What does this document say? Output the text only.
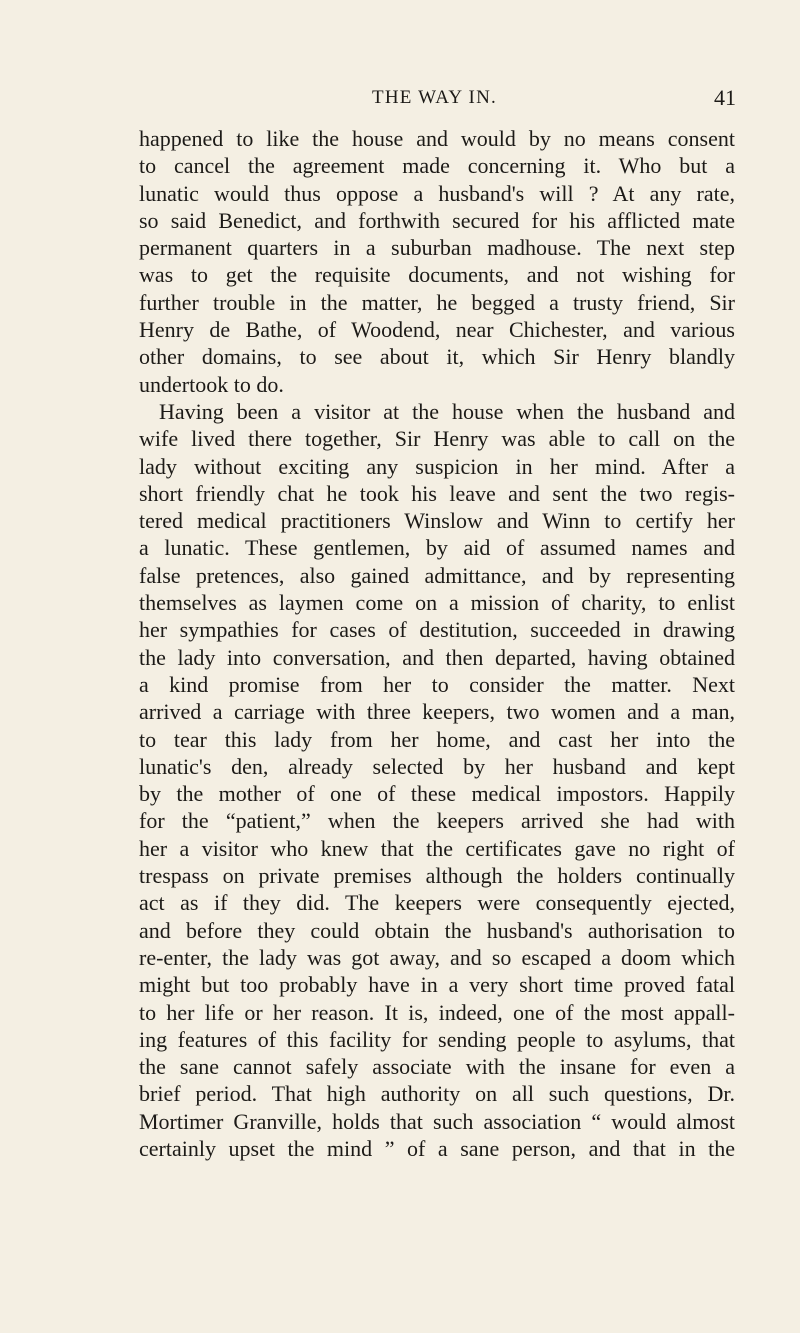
THE WAY IN.	41
happened to like the house and would by no means consent
to cancel the agreement made concerning it. Who but a
lunatic would thus oppose a husband's will ? At any rate,
so said Benedict, and forthwith secured for his afflicted mate
permanent quarters in a suburban madhouse. The next step
was to get the requisite documents, and not wishing for
further trouble in the matter, he begged a trusty friend, Sir
Henry de Bathe, of Woodend, near Chichester, and various
other domains, to see about it, which Sir Henry blandly
undertook to do.
Having been a visitor at the house when the husband and
wife lived there together, Sir Henry was able to call on the
lady without exciting any suspicion in her mind. After a
short friendly chat he took his leave and sent the two regis-
tered medical practitioners Winslow and Winn to certify her
a lunatic. These gentlemen, by aid of assumed names and
false pretences, also gained admittance, and by representing
themselves as laymen come on a mission of charity, to enlist
her sympathies for cases of destitution, succeeded in drawing
the lady into conversation, and then departed, having obtained
a kind promise from her to consider the matter. Next
arrived a carriage with three keepers, two women and a man,
to tear this lady from her home, and cast her into the
lunatic's den, already selected by her husband and kept
by the mother of one of these medical impostors. Happily
for the “patient,” when the keepers arrived she had with
her a visitor who knew that the certificates gave no right of
trespass on private premises although the holders continually
act as if they did. The keepers were consequently ejected,
and before they could obtain the husband's authorisation to
re-enter, the lady was got away, and so escaped a doom which
might but too probably have in a very short time proved fatal
to her life or her reason. It is, indeed, one of the most appall-
ing features of this facility for sending people to asylums, that
the sane cannot safely associate with the insane for even a
brief period. That high authority on all such questions, Dr.
Mortimer Granville, holds that such association “ would almost
certainly upset the mind ” of a sane person, and that in the
